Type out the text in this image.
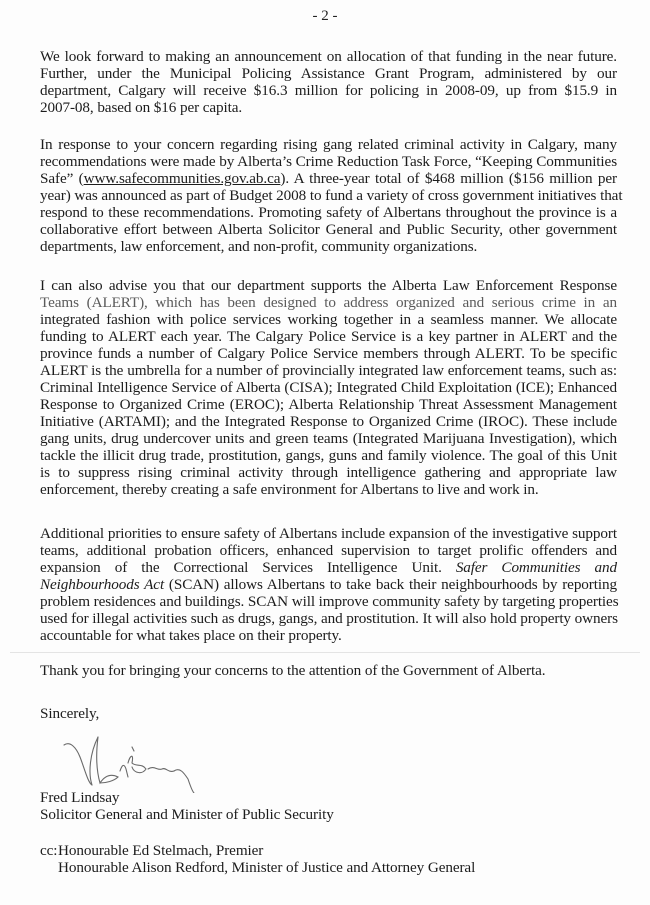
- 2 -
We look forward to making an announcement on allocation of that funding in the near future.
Further, under the Municipal Policing Assistance Grant Program, administered by our
department, Calgary will receive $16.3 million for policing in 2008-09, up from $15.9 in
2007-08, based on $16 per capita.
In response to your concern regarding rising gang related criminal activity in Calgary, many
recommendations were made by Alberta’s Crime Reduction Task Force, “Keeping Communities
Safe” (www.safecommunities.gov.ab.ca). A three-year total of $468 million ($156 million per
year) was announced as part of Budget 2008 to fund a variety of cross government initiatives that
respond to these recommendations. Promoting safety of Albertans throughout the province is a
collaborative effort between Alberta Solicitor General and Public Security, other government
departments, law enforcement, and non-profit, community organizations.
I can also advise you that our department supports the Alberta Law Enforcement Response
Teams (ALERT), which has been designed to address organized and serious crime in an
integrated fashion with police services working together in a seamless manner. We allocate
funding to ALERT each year. The Calgary Police Service is a key partner in ALERT and the
province funds a number of Calgary Police Service members through ALERT. To be specific
ALERT is the umbrella for a number of provincially integrated law enforcement teams, such as:
Criminal Intelligence Service of Alberta (CISA); Integrated Child Exploitation (ICE); Enhanced
Response to Organized Crime (EROC); Alberta Relationship Threat Assessment Management
Initiative (ARTAMI); and the Integrated Response to Organized Crime (IROC). These include
gang units, drug undercover units and green teams (Integrated Marijuana Investigation), which
tackle the illicit drug trade, prostitution, gangs, guns and family violence. The goal of this Unit
is to suppress rising criminal activity through intelligence gathering and appropriate law
enforcement, thereby creating a safe environment for Albertans to live and work in.
Additional priorities to ensure safety of Albertans include expansion of the investigative support
teams, additional probation officers, enhanced supervision to target prolific offenders and
expansion of the Correctional Services Intelligence Unit. Safer Communities and
Neighbourhoods Act (SCAN) allows Albertans to take back their neighbourhoods by reporting
problem residences and buildings. SCAN will improve community safety by targeting properties
used for illegal activities such as drugs, gangs, and prostitution. It will also hold property owners
accountable for what takes place on their property.
Thank you for bringing your concerns to the attention of the Government of Alberta.
Sincerely,
Fred Lindsay
Solicitor General and Minister of Public Security
cc: Honourable Ed Stelmach, Premier
Honourable Alison Redford, Minister of Justice and Attorney General
